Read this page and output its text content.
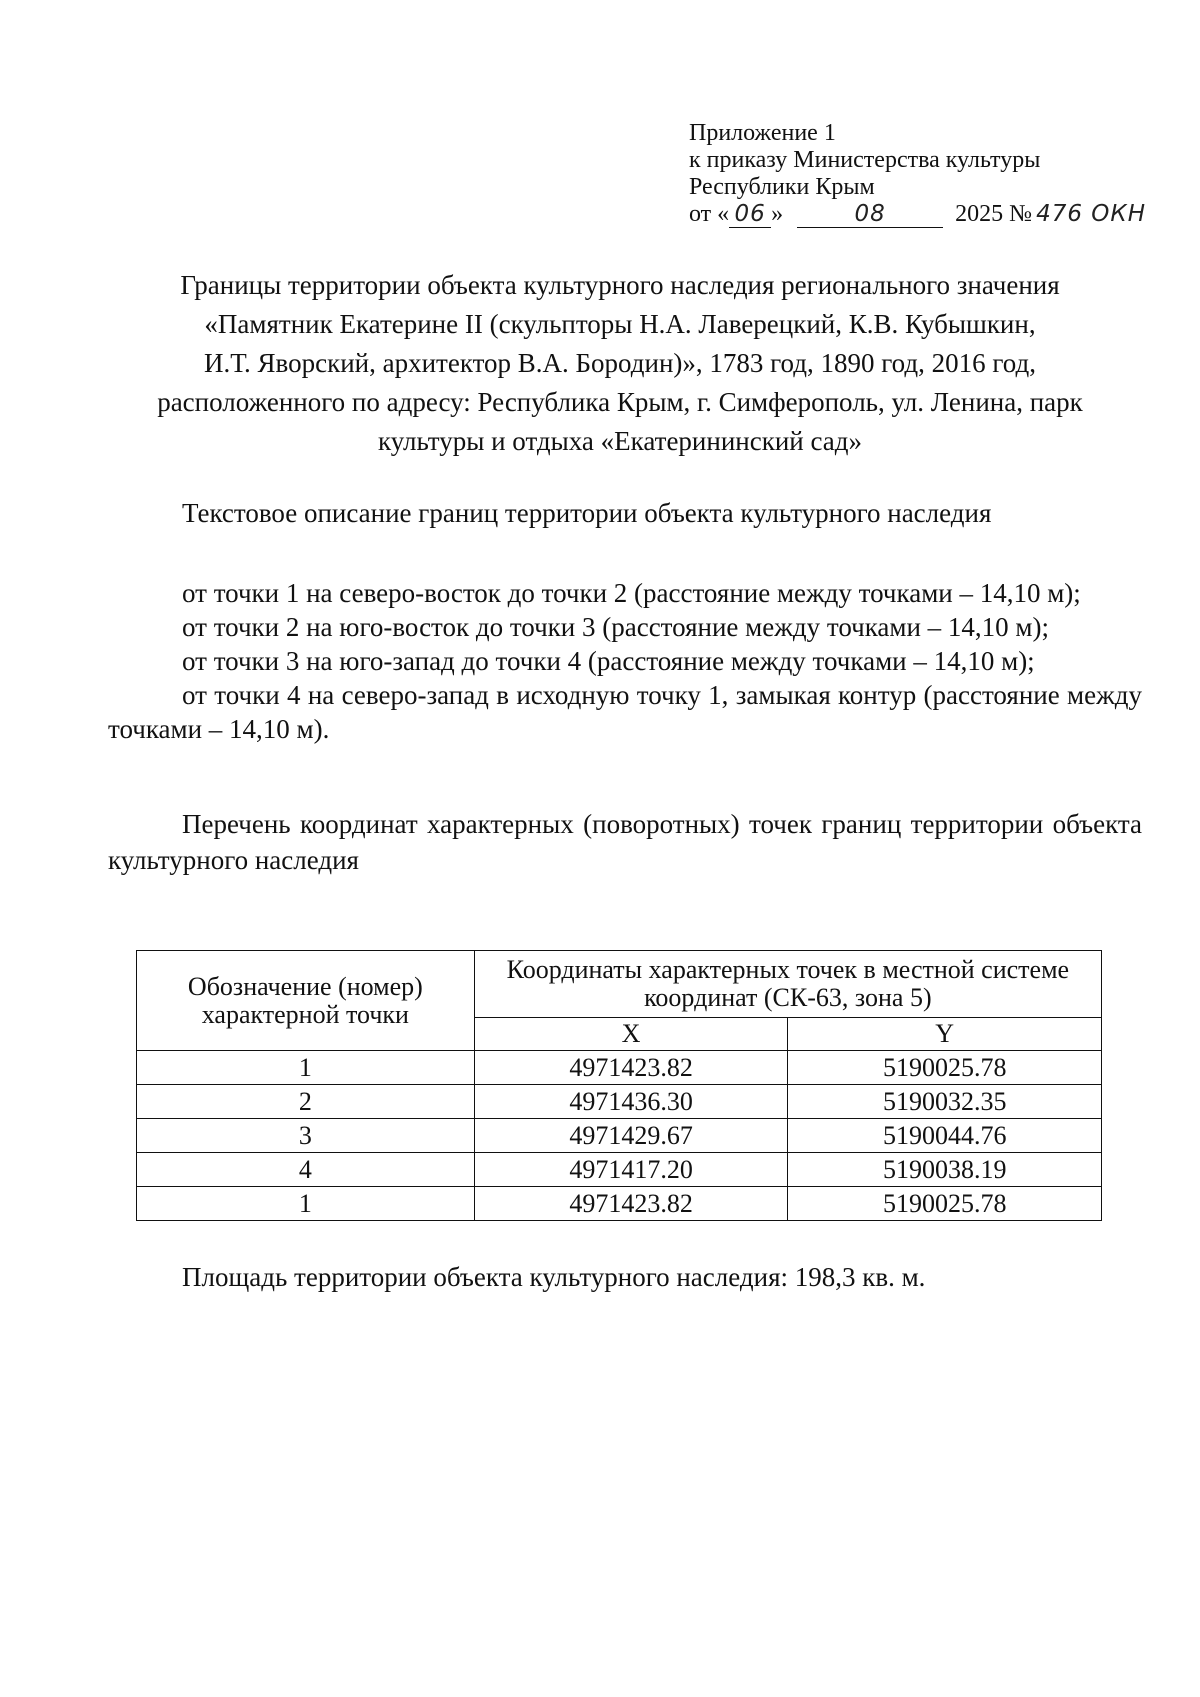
Приложение 1
к приказу Министерства культуры
Республики Крым
от « 06 »	08	2025 № 476 ОКН
Границы территории объекта культурного наследия регионального значения
«Памятник Екатерине II (скульпторы Н.А. Лаверецкий, К.В. Кубышкин,
И.Т. Яворский, архитектор В.А. Бородин)», 1783 год, 1890 год, 2016 год,
расположенного по адресу: Республика Крым, г. Симферополь, ул. Ленина, парк
культуры и отдыха «Екатерининский сад»
Текстовое описание границ территории объекта культурного наследия

от точки 1 на северо-восток до точки 2 (расстояние между точками – 14,10 м);

от точки 2 на юго-восток до точки 3 (расстояние между точками – 14,10 м);

от точки 3 на юго-запад до точки 4 (расстояние между точками – 14,10 м);

от точки 4 на северо-запад в исходную точку 1, замыкая контур (расстояние между точками – 14,10 м).

Перечень координат характерных (поворотных) точек границ территории объекта культурного наследия
Обозначение (номер) характерной точки	Координаты характерных точек в местной системе координат (СК-63, зона 5)	
	X	Y
1	4971423.82	5190025.78
2	4971436.30	5190032.35
3	4971429.67	5190044.76
4	4971417.20	5190038.19
1	4971423.82	5190025.78
Площадь территории объекта культурного наследия: 198,3 кв. м.
